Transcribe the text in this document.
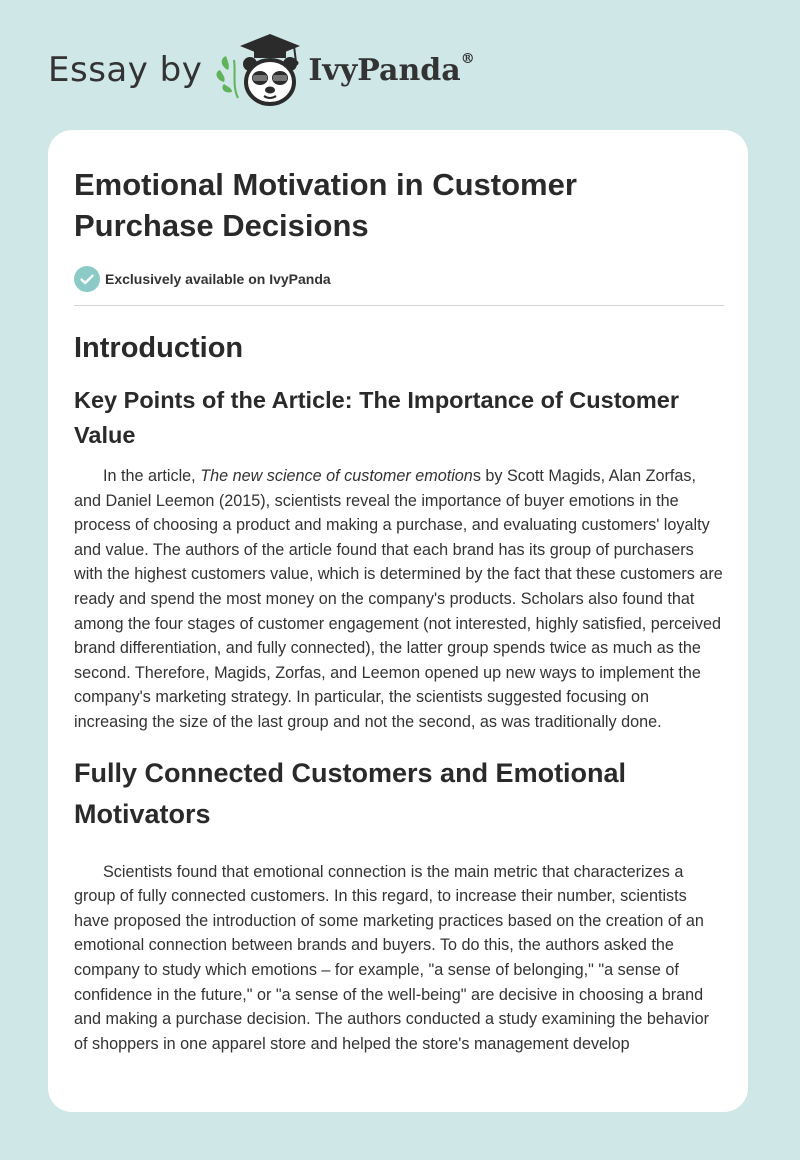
Essay by	IvyPanda®
Emotional Motivation in Customer Purchase Decisions
Exclusively available on IvyPanda
Introduction
Key Points of the Article: The Importance of Customer Value

In the article, The new science of customer emotions by Scott Magids, Alan Zorfas, and Daniel Leemon (2015), scientists reveal the importance of buyer emotions in the process of choosing a product and making a purchase, and evaluating customers' loyalty and value. The authors of the article found that each brand has its group of purchasers with the highest customers value, which is determined by the fact that these customers are ready and spend the most money on the company's products. Scholars also found that among the four stages of customer engagement (not interested, highly satisfied, perceived brand differentiation, and fully connected), the latter group spends twice as much as the second. Therefore, Magids, Zorfas, and Leemon opened up new ways to implement the company's marketing strategy. In particular, the scientists suggested focusing on increasing the size of the last group and not the second, as was traditionally done.

Fully Connected Customers and Emotional Motivators

Scientists found that emotional connection is the main metric that characterizes a group of fully connected customers. In this regard, to increase their number, scientists have proposed the introduction of some marketing practices based on the creation of an emotional connection between brands and buyers. To do this, the authors asked the company to study which emotions – for example, "a sense of belonging," "a sense of confidence in the future," or "a sense of the well-being" are decisive in choosing a brand and making a purchase decision. The authors conducted a study examining the behavior of shoppers in one apparel store and helped the store's management develop
